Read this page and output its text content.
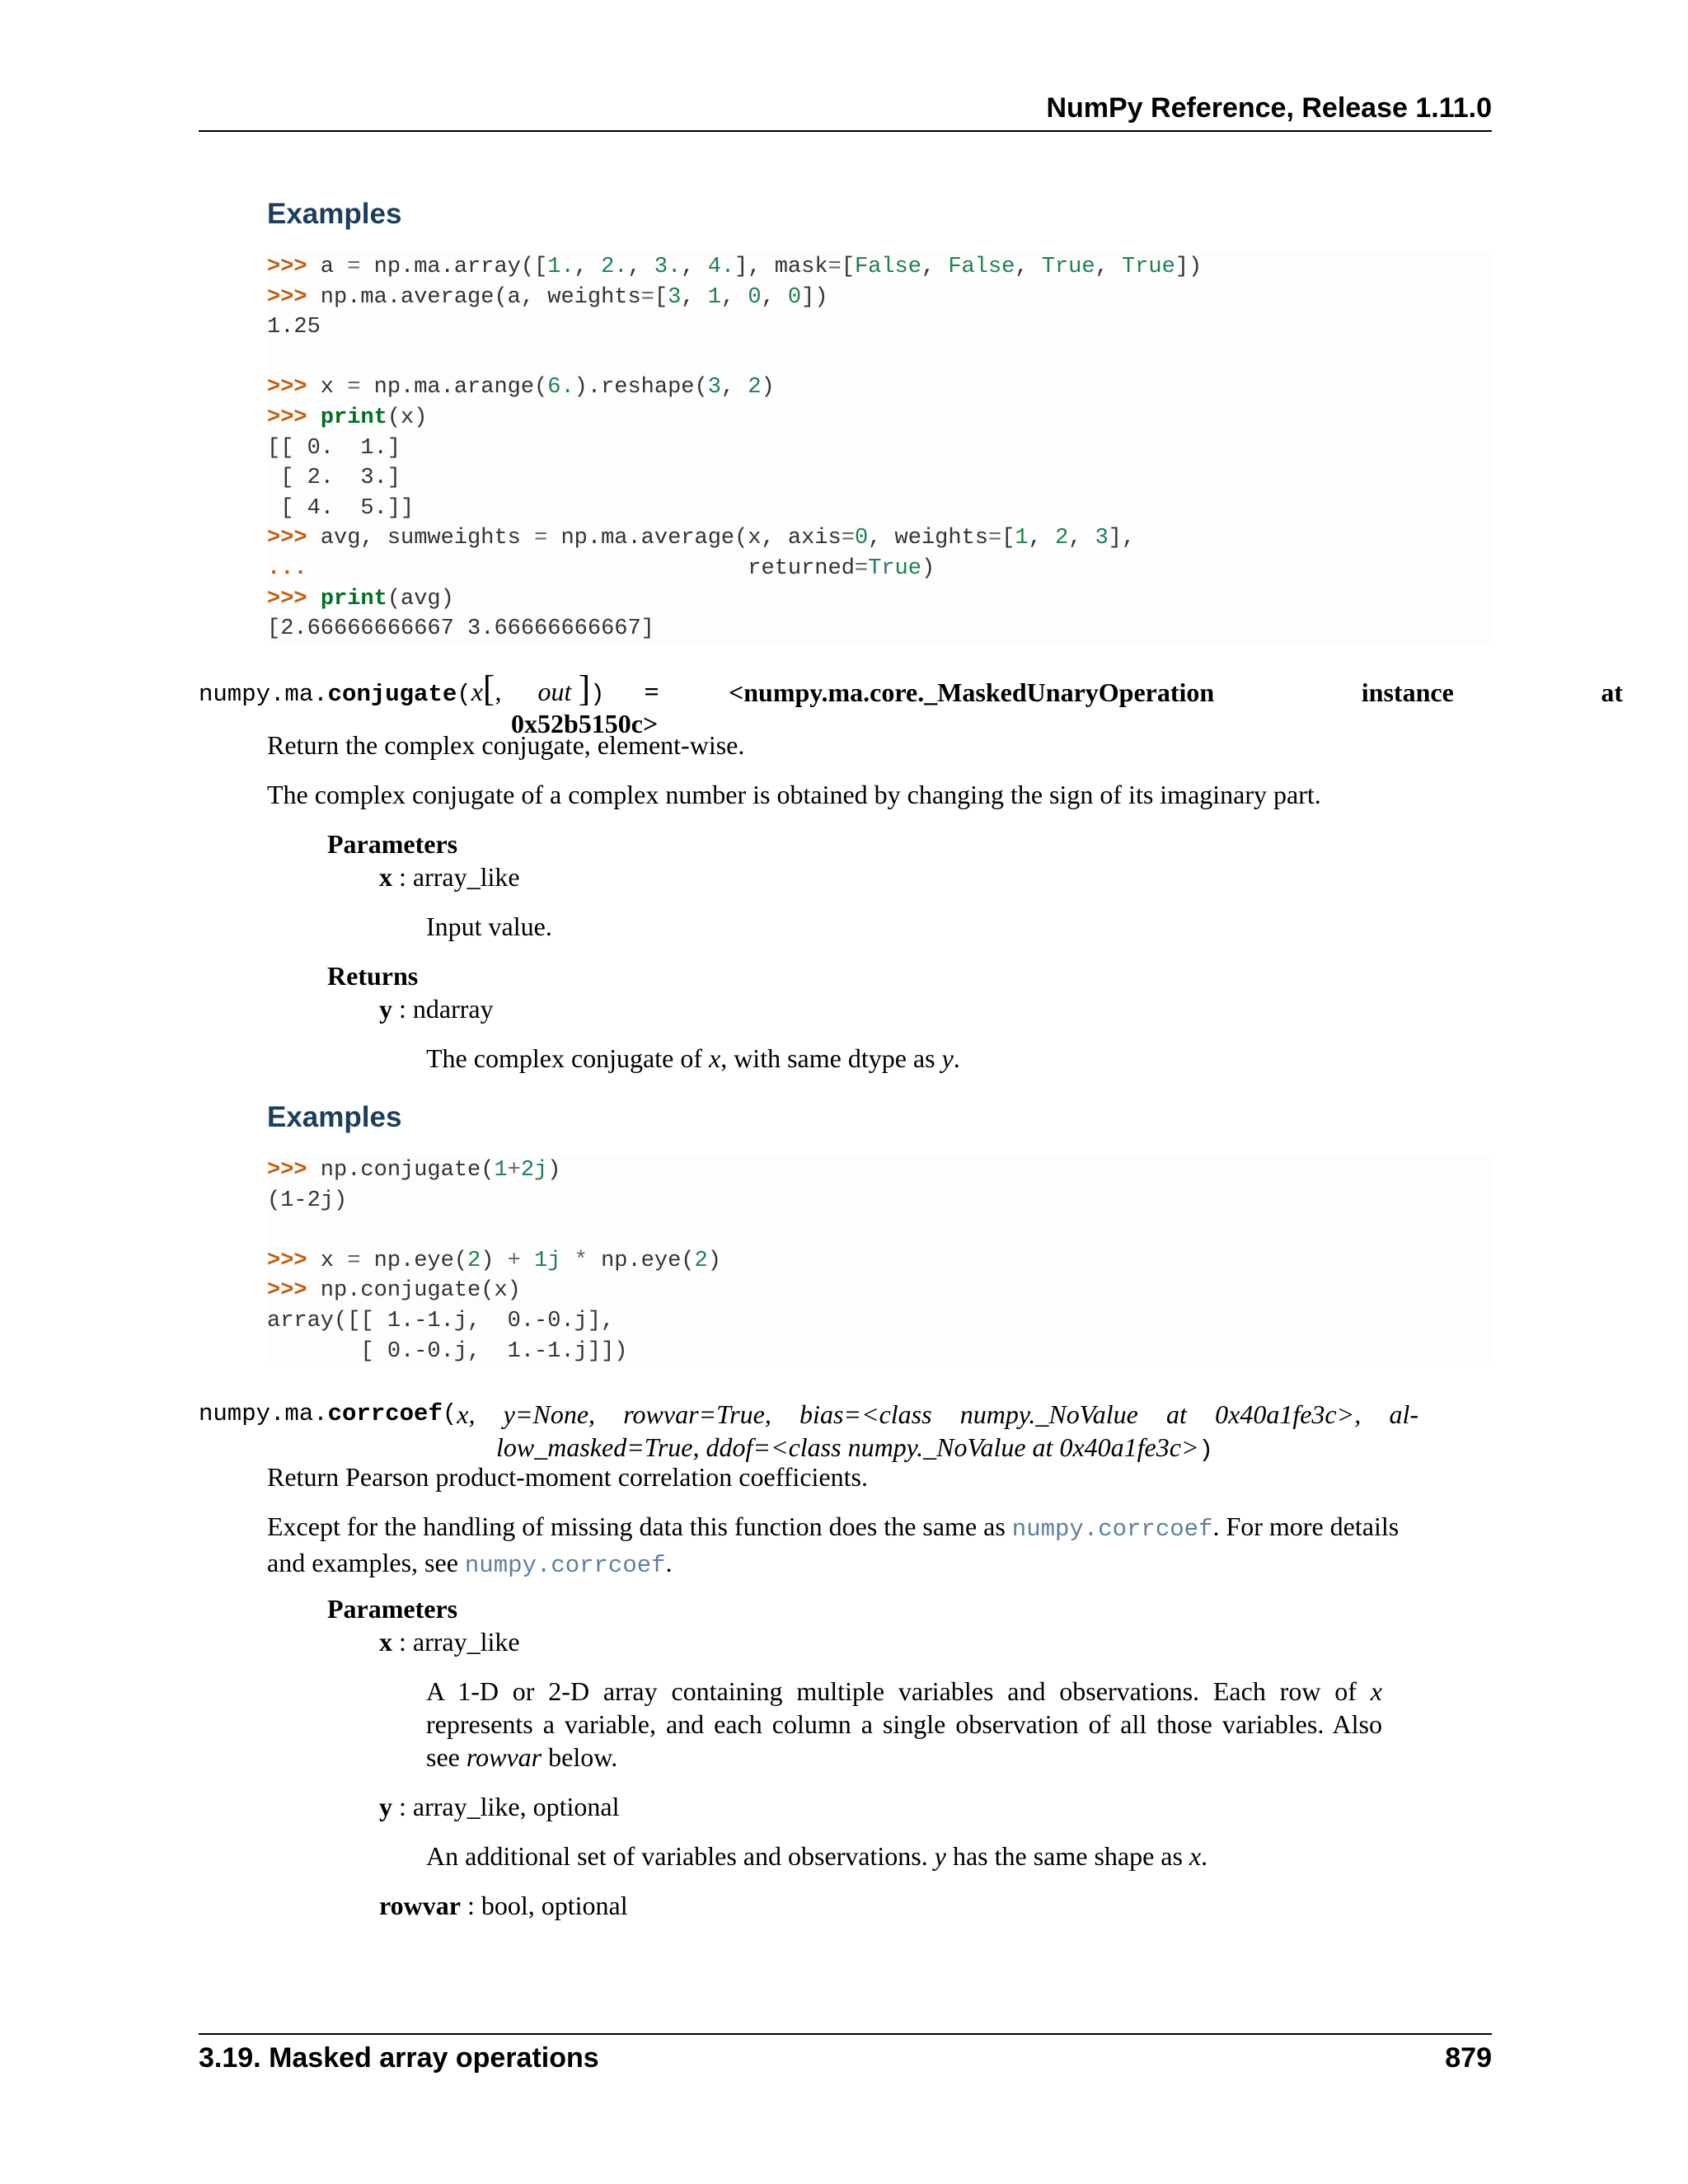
NumPy Reference, Release 1.11.0
Examples
>>> a = np.ma.array([1., 2., 3., 4.], mask=[False, False, True, True])
>>> np.ma.average(a, weights=[3, 1, 0, 0])
1.25

>>> x = np.ma.arange(6.).reshape(3, 2)
>>> print(x)
[[ 0.  1.]
[ 2.  3.]
[ 4.  5.]]
>>> avg, sumweights = np.ma.average(x, axis=0, weights=[1, 2, 3],
...                                 returned=True)
>>> print(avg)
[2.66666666667 3.66666666667]
numpy.ma.conjugate(x[, out ]) =	<numpy.ma.core._MaskedUnaryOperation	instance	at
0x52b5150c>
Return the complex conjugate, element-wise.
The complex conjugate of a complex number is obtained by changing the sign of its imaginary part.
Parameters
x : array_like
Input value.
Returns
y : ndarray
The complex conjugate of x, with same dtype as y.
Examples
>>> np.conjugate(1+2j)
(1-2j)

>>> x = np.eye(2) + 1j * np.eye(2)
>>> np.conjugate(x)
array([[ 1.-1.j,  0.-0.j],
[ 0.-0.j,  1.-1.j]])
numpy.ma. corrcoef ( x, y=None, rowvar=True, bias=<class numpy._NoValue at 0x40a1fe3c>, al-
low_masked=True, ddof=<class numpy._NoValue at 0x40a1fe3c>)
Return Pearson product-moment correlation coefficients.
Except for the handling of missing data this function does the same as numpy.corrcoef. For more details
and examples, see numpy.corrcoef.
Parameters
x : array_like
A 1-D or 2-D array containing multiple variables and observations. Each row of x
represents a variable, and each column a single observation of all those variables. Also
see rowvar below.
y : array_like, optional
An additional set of variables and observations. y has the same shape as x.
rowvar : bool, optional
3.19. Masked array operations	879
